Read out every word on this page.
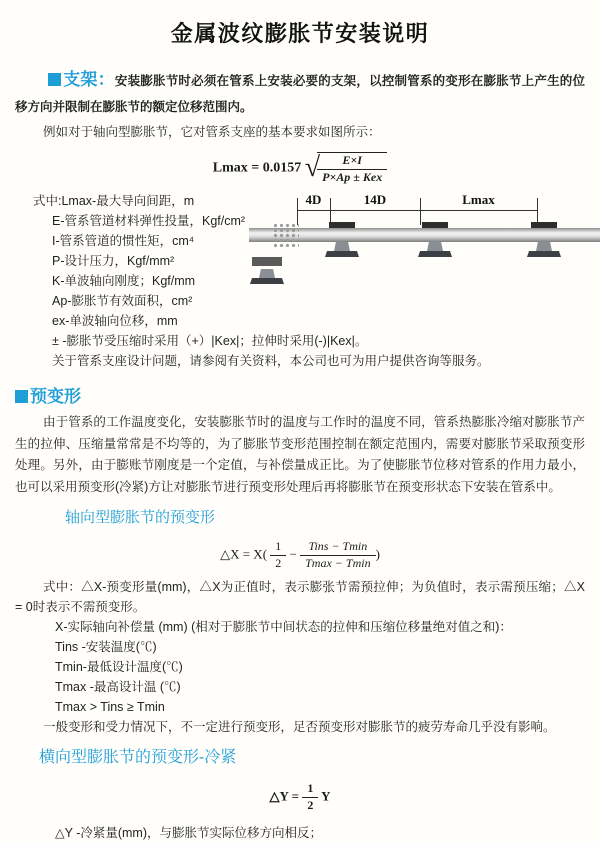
金属波纹膨胀节安装说明

支架：安装膨胀节时必须在管系上安装必要的支架，以控制管系的变形在膨胀节上产生的位移方向并限制在膨胀节的额定位移范围内。

例如对于轴向型膨胀节，它对管系支座的基本要求如图所示：

Lmax = 0.0157 √
$\frac{E\times I}{\text{P×Ap ± Kex}}$
式中:Lmax-最大导向间距，m
E-管系管道材料弹性投量，Kgf/cm²
I-管系管道的惯性矩，cm⁴
P-设计压力，Kgf/mm²
K-单波轴向刚度；Kgf/mm
Ap-膨胀节有效面积，cm²
ex-单波轴向位移，mm
± -膨胀节受压缩时采用（+）|Kex|；拉伸时采用(-)|Kex|。

关于管系支座设计问题，请参阅有关资料，本公司也可为用户提供咨询等服务。

预变形

由于管系的工作温度变化，安装膨胀节时的温度与工作时的温度不同，管系热膨胀冷缩对膨胀节产生的拉伸、压缩量常常是不均等的，为了膨胀节变形范围控制在额定范围内，需要对膨胀节采取预变形处理。另外，由于膨账节刚度是一个定值，与补偿量成正比。为了使膨胀节位移对管系的作用力最小，也可以采用预变形(冷紧)方让对膨胀节进行预变形处理后再将膨胀节在预变形状态下安装在管系中。

轴向型膨胀节的预变形
△X = $X( \frac{1}{2} - \frac{\text{Tins − Tmin}}{Tmax - Tmin}$ )

式中：△X-预变形量(mm)，△X为正值时，表示膨张节需预拉伸；为负值时，表示需预压缩；△X = 0时表示不需预变形。

X-实际轴向补偿量 (mm) (相对于膨胀节中间状态的拉伸和压缩位移量绝对值之和)：

Tins -安装温度(℃)

Tmin-最低设计温度(℃)

Tmax -最高设计温 (℃)

Tmax > Tins ≥ Tmin

一般变形和受力情况下，不一定进行预变形，足否预变形对膨胀节的疲劳寿命几乎没有影响。

横向型膨胀节的预变形-冷紧
△Y = $\frac{1}{2}$ Y

△Y -冷紧量(mm)，与膨胀节实际位移方向相反；

4D	14D	Lmax
